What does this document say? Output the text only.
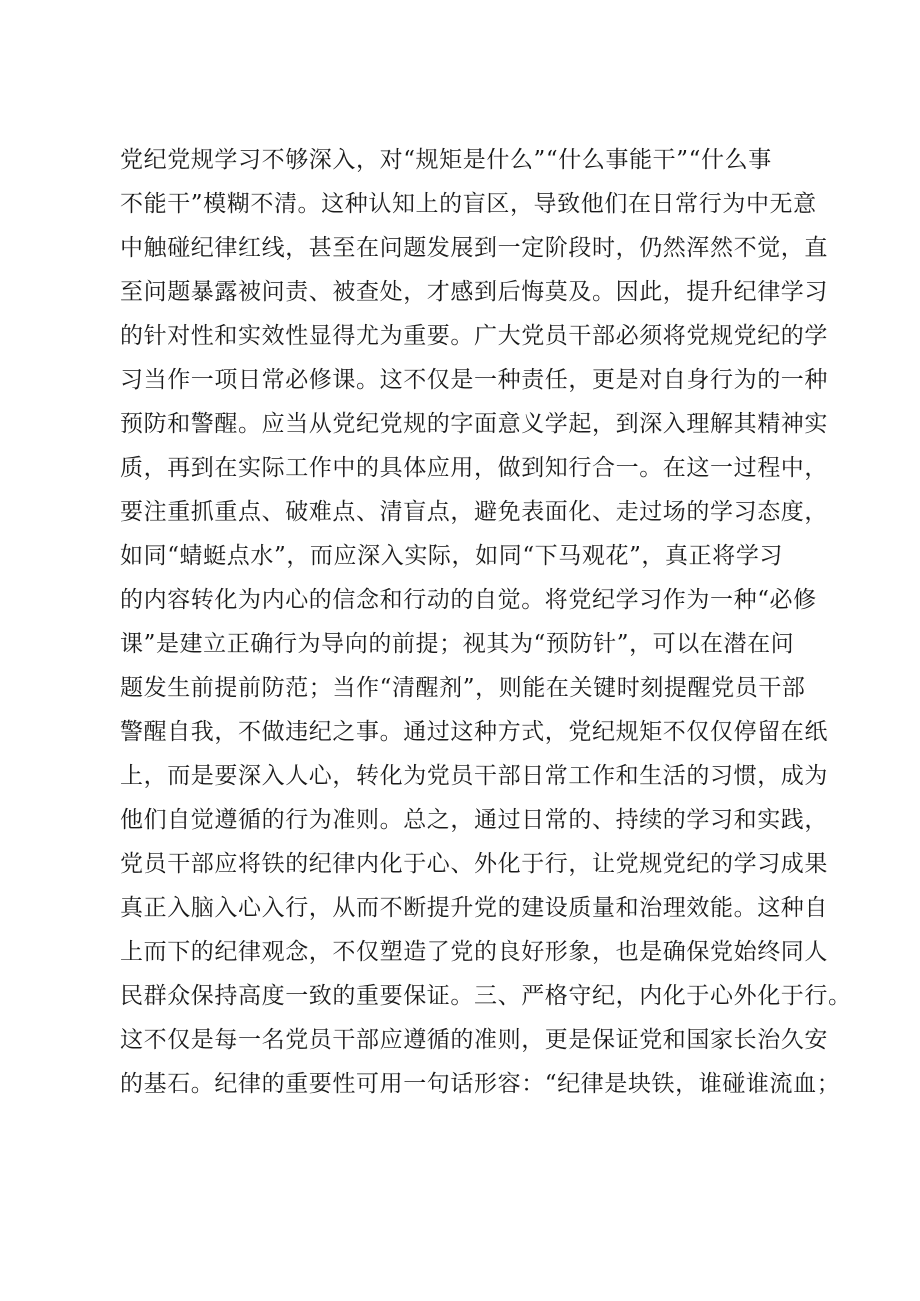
党纪党规学习不够深入，对“规矩是什么”“什么事能干”“什么事
不能干”模糊不清。这种认知上的盲区，导致他们在日常行为中无意
中触碰纪律红线，甚至在问题发展到一定阶段时，仍然浑然不觉，直
至问题暴露被问责、被查处，才感到后悔莫及。因此，提升纪律学习
的针对性和实效性显得尤为重要。广大党员干部必须将党规党纪的学
习当作一项日常必修课。这不仅是一种责任，更是对自身行为的一种
预防和警醒。应当从党纪党规的字面意义学起，到深入理解其精神实
质，再到在实际工作中的具体应用，做到知行合一。在这一过程中，
要注重抓重点、破难点、清盲点，避免表面化、走过场的学习态度，
如同“蜻蜓点水”，而应深入实际，如同“下马观花”，真正将学习
的内容转化为内心的信念和行动的自觉。将党纪学习作为一种“必修
课”是建立正确行为导向的前提；视其为“预防针”，可以在潜在问
题发生前提前防范；当作“清醒剂”，则能在关键时刻提醒党员干部
警醒自我，不做违纪之事。通过这种方式，党纪规矩不仅仅停留在纸
上，而是要深入人心，转化为党员干部日常工作和生活的习惯，成为
他们自觉遵循的行为准则。总之，通过日常的、持续的学习和实践，
党员干部应将铁的纪律内化于心、外化于行，让党规党纪的学习成果
真正入脑入心入行，从而不断提升党的建设质量和治理效能。这种自
上而下的纪律观念，不仅塑造了党的良好形象，也是确保党始终同人
民群众保持高度一致的重要保证。三、严格守纪，内化于心外化于行。
这不仅是每一名党员干部应遵循的准则，更是保证党和国家长治久安
的基石。纪律的重要性可用一句话形容：“纪律是块铁，谁碰谁流血；
